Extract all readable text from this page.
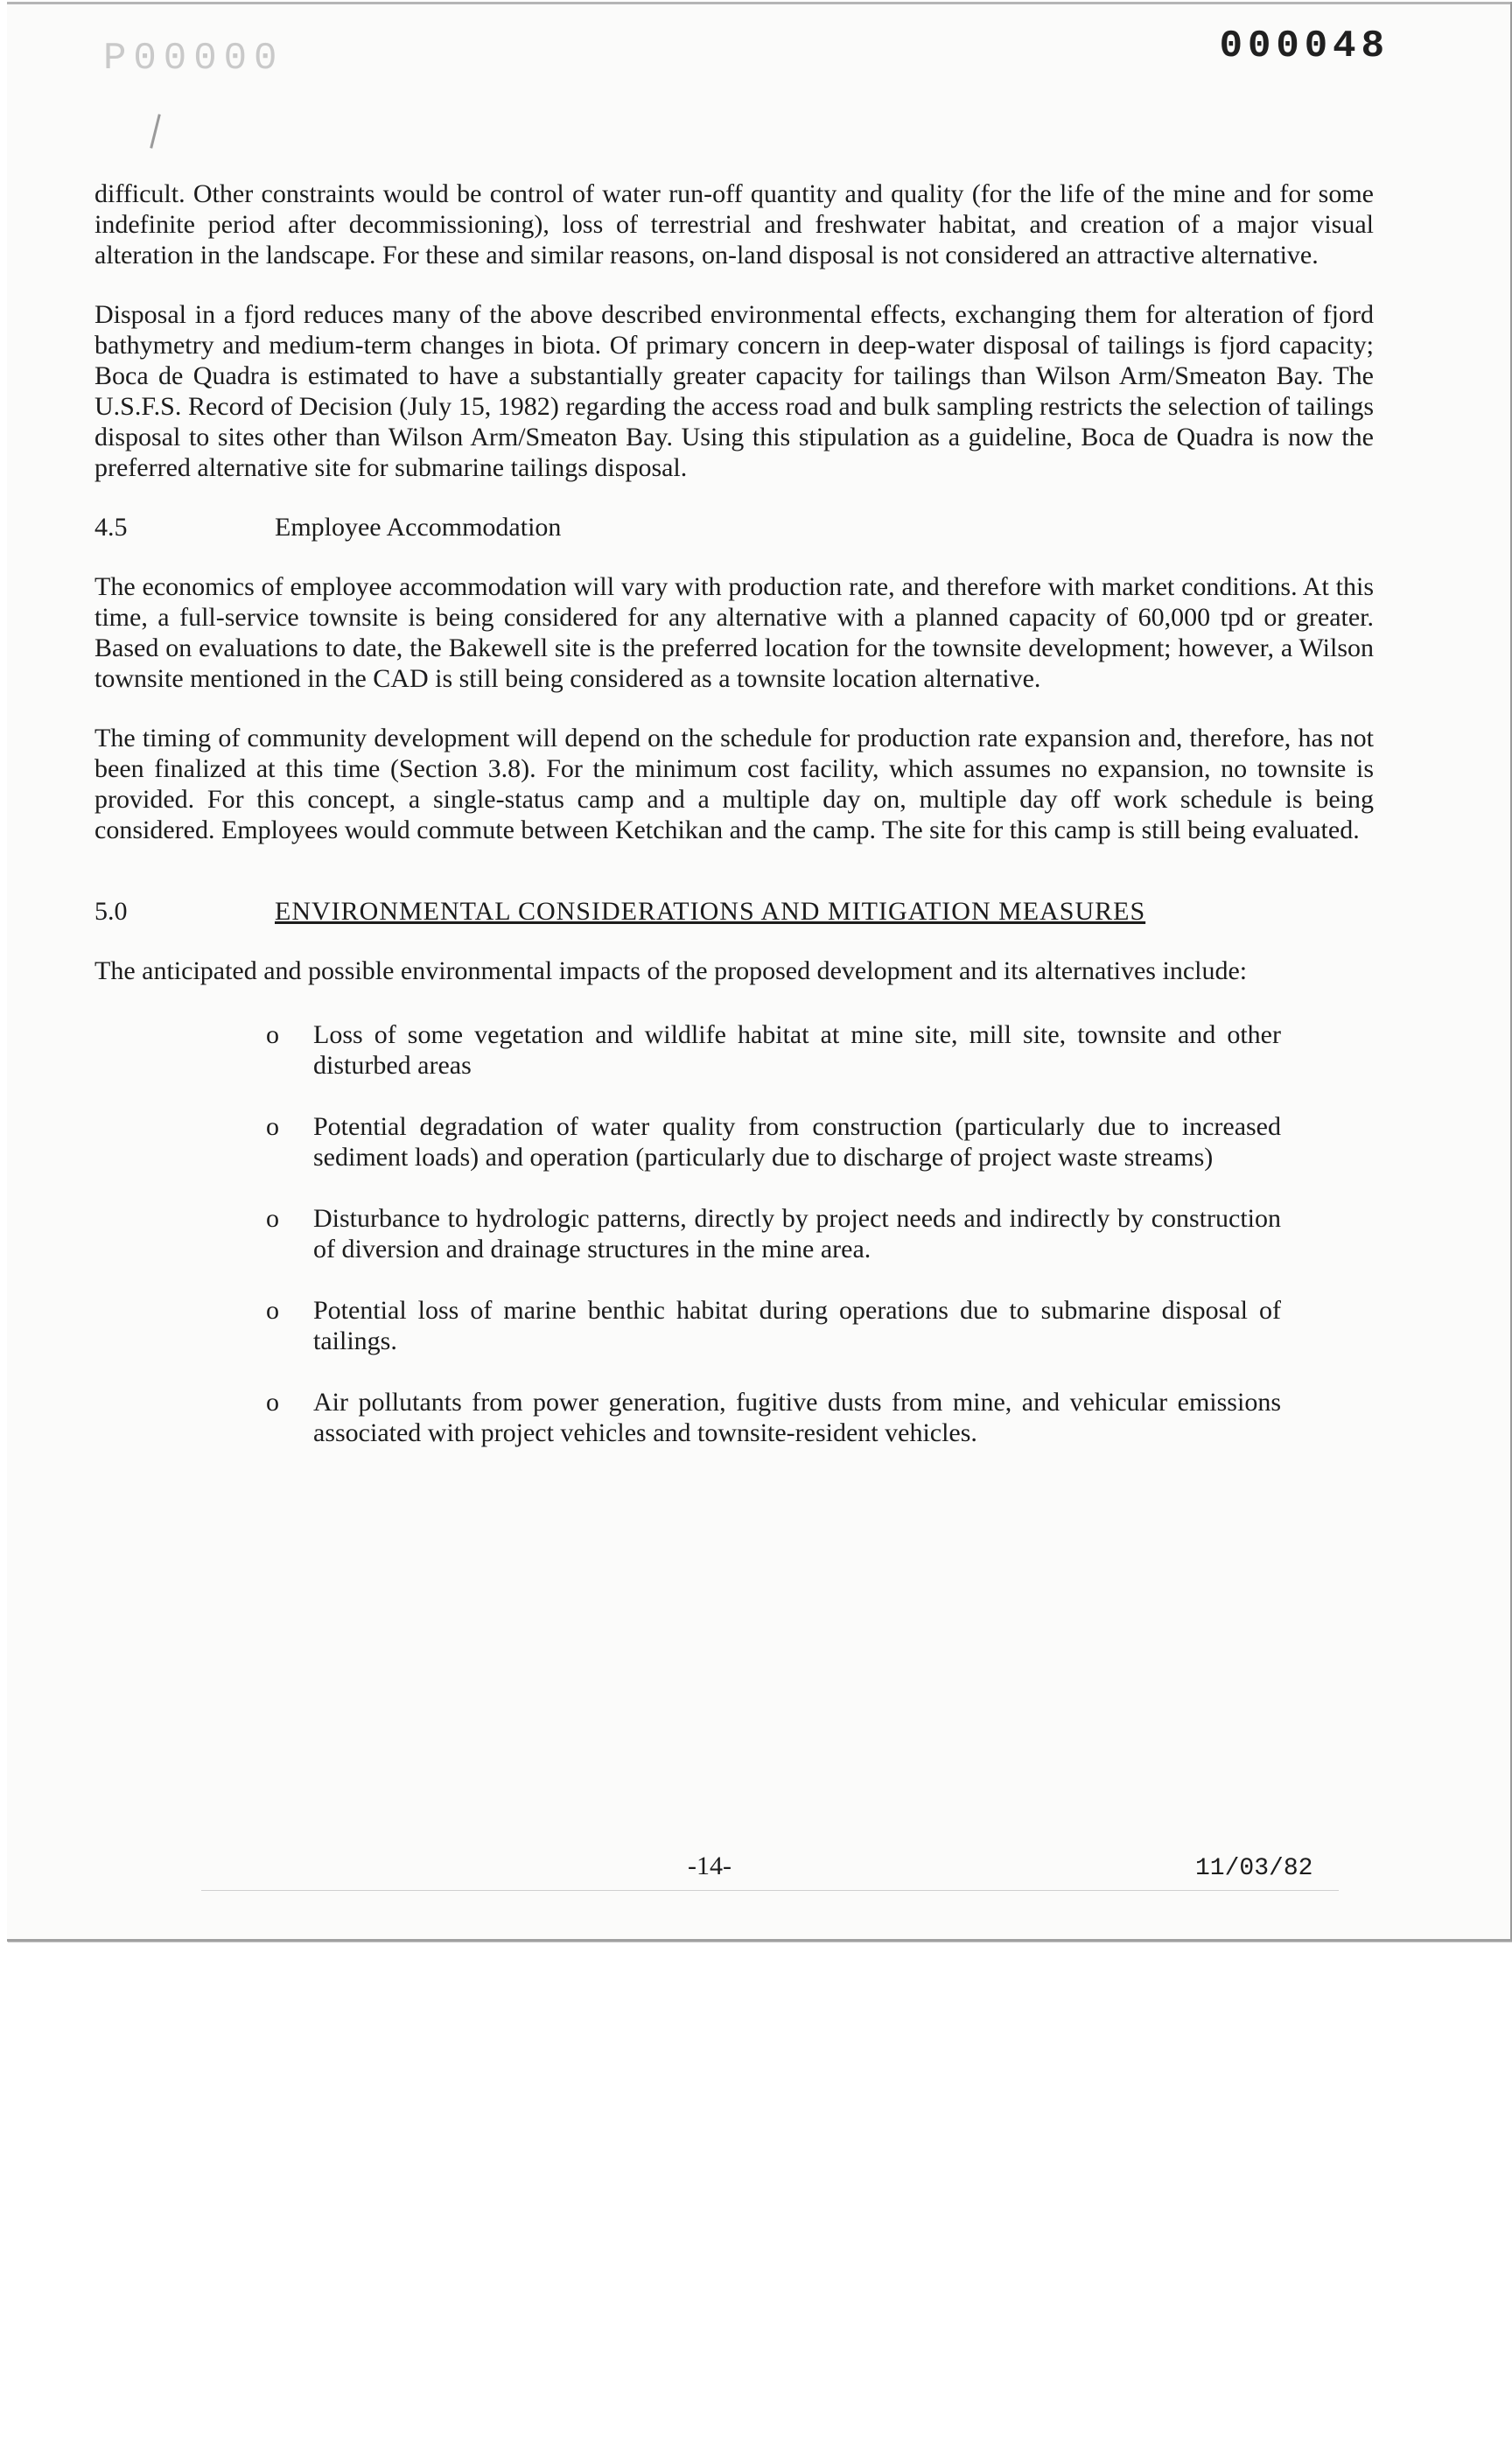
P00000	000048

difficult. Other constraints would be control of water run-off quantity and quality (for the life of the mine and for some indefinite period after decommissioning), loss of terrestrial and freshwater habitat, and creation of a major visual alteration in the landscape. For these and similar reasons, on-land disposal is not considered an attractive alternative.

Disposal in a fjord reduces many of the above described environmental effects, exchanging them for alteration of fjord bathymetry and medium-term changes in biota. Of primary concern in deep-water disposal of tailings is fjord capacity; Boca de Quadra is estimated to have a substantially greater capacity for tailings than Wilson Arm/Smeaton Bay. The U.S.F.S. Record of Decision (July 15, 1982) regarding the access road and bulk sampling restricts the selection of tailings disposal to sites other than Wilson Arm/Smeaton Bay. Using this stipulation as a guideline, Boca de Quadra is now the preferred alternative site for submarine tailings disposal.

4.5	Employee Accommodation

The economics of employee accommodation will vary with production rate, and therefore with market conditions. At this time, a full-service townsite is being considered for any alternative with a planned capacity of 60,000 tpd or greater. Based on evaluations to date, the Bakewell site is the preferred location for the townsite development; however, a Wilson townsite mentioned in the CAD is still being considered as a townsite location alternative.

The timing of community development will depend on the schedule for production rate expansion and, therefore, has not been finalized at this time (Section 3.8). For the minimum cost facility, which assumes no expansion, no townsite is provided. For this concept, a single-status camp and a multiple day on, multiple day off work schedule is being considered. Employees would commute between Ketchikan and the camp. The site for this camp is still being evaluated.

5.0	ENVIRONMENTAL CONSIDERATIONS AND MITIGATION MEASURES

The anticipated and possible environmental impacts of the proposed development and its alternatives include:

o	Loss of some vegetation and wildlife habitat at mine site, mill site, townsite and other disturbed areas
o	Potential degradation of water quality from construction (particularly due to increased sediment loads) and operation (particularly due to discharge of project waste streams)
o	Disturbance to hydrologic patterns, directly by project needs and indirectly by construction of diversion and drainage structures in the mine area.
o	Potential loss of marine benthic habitat during operations due to submarine disposal of tailings.
o	Air pollutants from power generation, fugitive dusts from mine, and vehicular emissions associated with project vehicles and townsite-resident vehicles.
-14-	11/03/82
